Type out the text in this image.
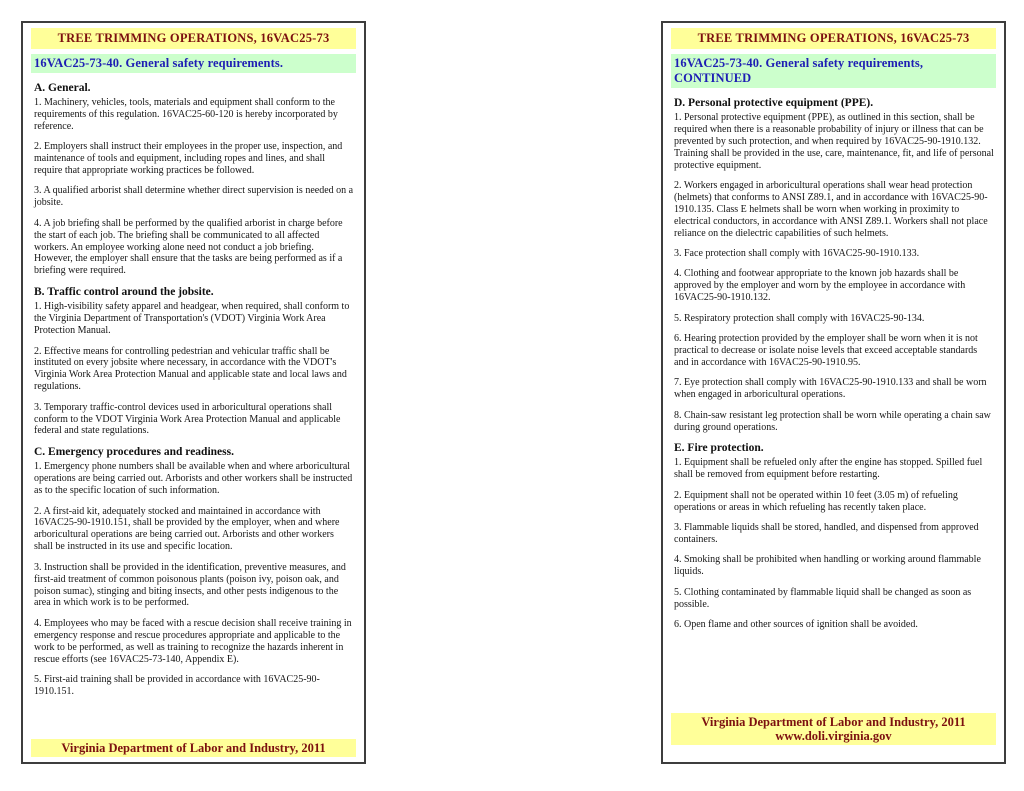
TREE TRIMMING OPERATIONS, 16VAC25-73
16VAC25-73-40. General safety requirements.
A. General.

1. Machinery, vehicles, tools, materials and equipment shall conform to the requirements of this regulation. 16VAC25-60-120 is hereby incorporated by reference.

2. Employers shall instruct their employees in the proper use, inspection, and maintenance of tools and equipment, including ropes and lines, and shall require that appropriate working practices be followed.

3. A qualified arborist shall determine whether direct supervision is needed on a jobsite.

4. A job briefing shall be performed by the qualified arborist in charge before the start of each job. The briefing shall be communicated to all affected workers. An employee working alone need not conduct a job briefing. However, the employer shall ensure that the tasks are being performed as if a briefing were required.

B. Traffic control around the jobsite.

1. High-visibility safety apparel and headgear, when required, shall conform to the Virginia Department of Transportation's (VDOT) Virginia Work Area Protection Manual.

2. Effective means for controlling pedestrian and vehicular traffic shall be instituted on every jobsite where necessary, in accordance with the VDOT's Virginia Work Area Protection Manual and applicable state and local laws and regulations.

3. Temporary traffic-control devices used in arboricultural operations shall conform to the VDOT Virginia Work Area Protection Manual and applicable federal and state regulations.

C. Emergency procedures and readiness.

1. Emergency phone numbers shall be available when and where arboricultural operations are being carried out. Arborists and other workers shall be instructed as to the specific location of such information.

2. A first-aid kit, adequately stocked and maintained in accordance with 16VAC25-90-1910.151, shall be provided by the employer, when and where arboricultural operations are being carried out. Arborists and other workers shall be instructed in its use and specific location.

3. Instruction shall be provided in the identification, preventive measures, and first-aid treatment of common poisonous plants (poison ivy, poison oak, and poison sumac), stinging and biting insects, and other pests indigenous to the area in which work is to be performed.

4. Employees who may be faced with a rescue decision shall receive training in emergency response and rescue procedures appropriate and applicable to the work to be performed, as well as training to recognize the hazards inherent in rescue efforts (see 16VAC25-73-140, Appendix E).

5. First-aid training shall be provided in accordance with 16VAC25-90-1910.151.

Virginia Department of Labor and Industry, 2011
TREE TRIMMING OPERATIONS, 16VAC25-73
16VAC25-73-40. General safety requirements, CONTINUED
D. Personal protective equipment (PPE).

1. Personal protective equipment (PPE), as outlined in this section, shall be required when there is a reasonable probability of injury or illness that can be prevented by such protection, and when required by 16VAC25-90-1910.132. Training shall be provided in the use, care, maintenance, fit, and life of personal protective equipment.

2. Workers engaged in arboricultural operations shall wear head protection (helmets) that conforms to ANSI Z89.1, and in accordance with 16VAC25-90-1910.135. Class E helmets shall be worn when working in proximity to electrical conductors, in accordance with ANSI Z89.1. Workers shall not place reliance on the dielectric capabilities of such helmets.

3. Face protection shall comply with 16VAC25-90-1910.133.

4. Clothing and footwear appropriate to the known job hazards shall be approved by the employer and worn by the employee in accordance with 16VAC25-90-1910.132.

5. Respiratory protection shall comply with 16VAC25-90-134.

6. Hearing protection provided by the employer shall be worn when it is not practical to decrease or isolate noise levels that exceed acceptable standards and in accordance with 16VAC25-90-1910.95.

7. Eye protection shall comply with 16VAC25-90-1910.133 and shall be worn when engaged in arboricultural operations.

8. Chain-saw resistant leg protection shall be worn while operating a chain saw during ground operations.

E. Fire protection.

1. Equipment shall be refueled only after the engine has stopped. Spilled fuel shall be removed from equipment before restarting.

2. Equipment shall not be operated within 10 feet (3.05 m) of refueling operations or areas in which refueling has recently taken place.

3. Flammable liquids shall be stored, handled, and dispensed from approved containers.

4. Smoking shall be prohibited when handling or working around flammable liquids.

5. Clothing contaminated by flammable liquid shall be changed as soon as possible.

6. Open flame and other sources of ignition shall be avoided.

Virginia Department of Labor and Industry, 2011
www.doli.virginia.gov
